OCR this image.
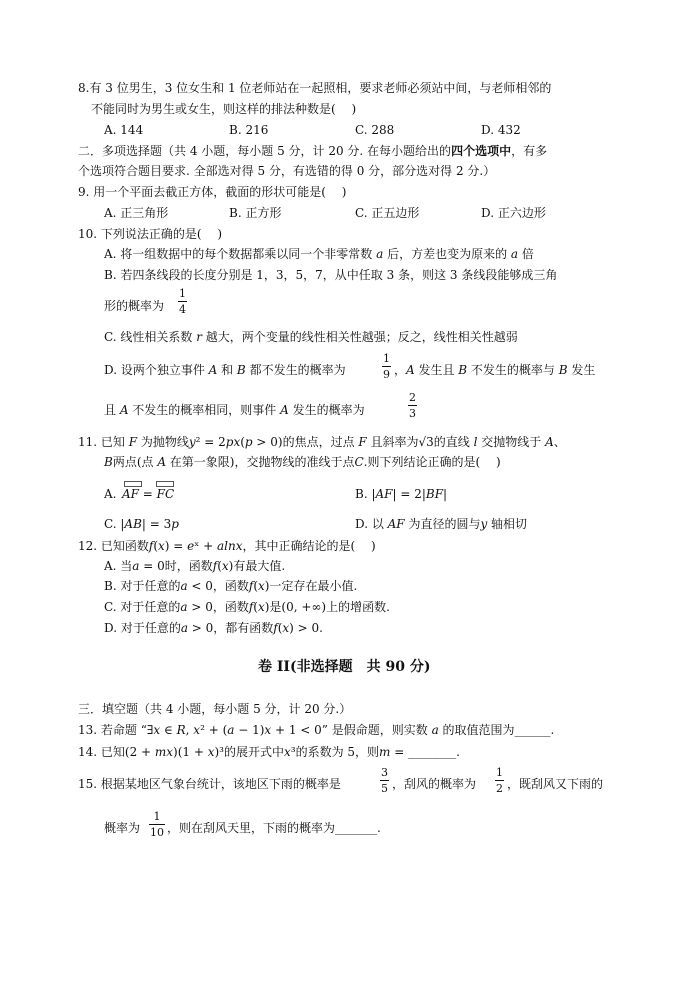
8.有 3 位男生，3 位女生和 1 位老师站在一起照相，要求老师必须站中间，与老师相邻的
不能同时为男生或女生，则这样的排法种数是(　 )
A. 144	B. 216	C. 288	D. 432
二．多项选择题（共 4 小题，每小题 5 分，计 20 分. 在每小题给出的四个选项中，有多
个选项符合题目要求. 全部选对得 5 分，有选错的得 0 分，部分选对得 2 分.）
9. 用一个平面去截正方体，截面的形状可能是(　 )
A. 正三角形	B. 正方形	C. 正五边形	D. 正六边形
10. 下列说法正确的是(　 )
A. 将一组数据中的每个数据都乘以同一个非零常数 𝑎 后，方差也变为原来的 𝑎 倍
B. 若四条线段的长度分别是 1，3，5，7，从中任取 3 条，则这 3 条线段能够成三角
形的概率为
1
4
C. 线性相关系数 𝑟 越大，两个变量的线性相关性越强；反之，线性相关性越弱
D. 设两个独立事件 𝐴 和 𝐵 都不发生的概率为
1
9 ，𝐴 发生且 𝐵 不发生的概率与 𝐵 发生
且 𝐴 不发生的概率相同，则事件 𝐴 发生的概率为
2
3
11. 已知 𝐹 为抛物线𝑦² = 2𝑝𝑥(𝑝 > 0)的焦点，过点 𝐹 且斜率为√3的直线 𝑙 交抛物线于 𝐴、
𝐵两点(点 𝐴 在第一象限)，交抛物线的准线于点𝐶.则下列结论正确的是(　 )
A. 𝐴𝐹 = 𝐹𝐶	B. |𝐴𝐹| = 2|𝐵𝐹|
C. |𝐴𝐵| = 3𝑝	D. 以 𝐴𝐹 为直径的圆与𝑦 轴相切
12. 已知函数𝑓(𝑥) = 𝑒ˣ + 𝑎𝑙𝑛𝑥，其中正确结论的是(　 )
A. 当𝑎 = 0时，函数𝑓(𝑥)有最大值.
B. 对于任意的𝑎 < 0，函数𝑓(𝑥)一定存在最小值.
C. 对于任意的𝑎 > 0，函数𝑓(𝑥)是(0, +∞)上的增函数.
D. 对于任意的𝑎 > 0，都有函数𝑓(𝑥) > 0.
卷 II(非选择题　共 90 分)
三．填空题（共 4 小题，每小题 5 分，计 20 分.）
13. 若命题 “∃𝑥 ∈ 𝑅, 𝑥² + (𝑎 − 1)𝑥 + 1 < 0” 是假命题，则实数 𝑎 的取值范围为______.
14. 已知(2 + 𝑚𝑥)(1 + 𝑥)³的展开式中𝑥³的系数为 5，则𝑚 = ________.
15. 根据某地区气象台统计，该地区下雨的概率是
3
5 ，刮风的概率为
1
2 ，既刮风又下雨的
概率为
1
10 ，则在刮风天里，下雨的概率为_______.
